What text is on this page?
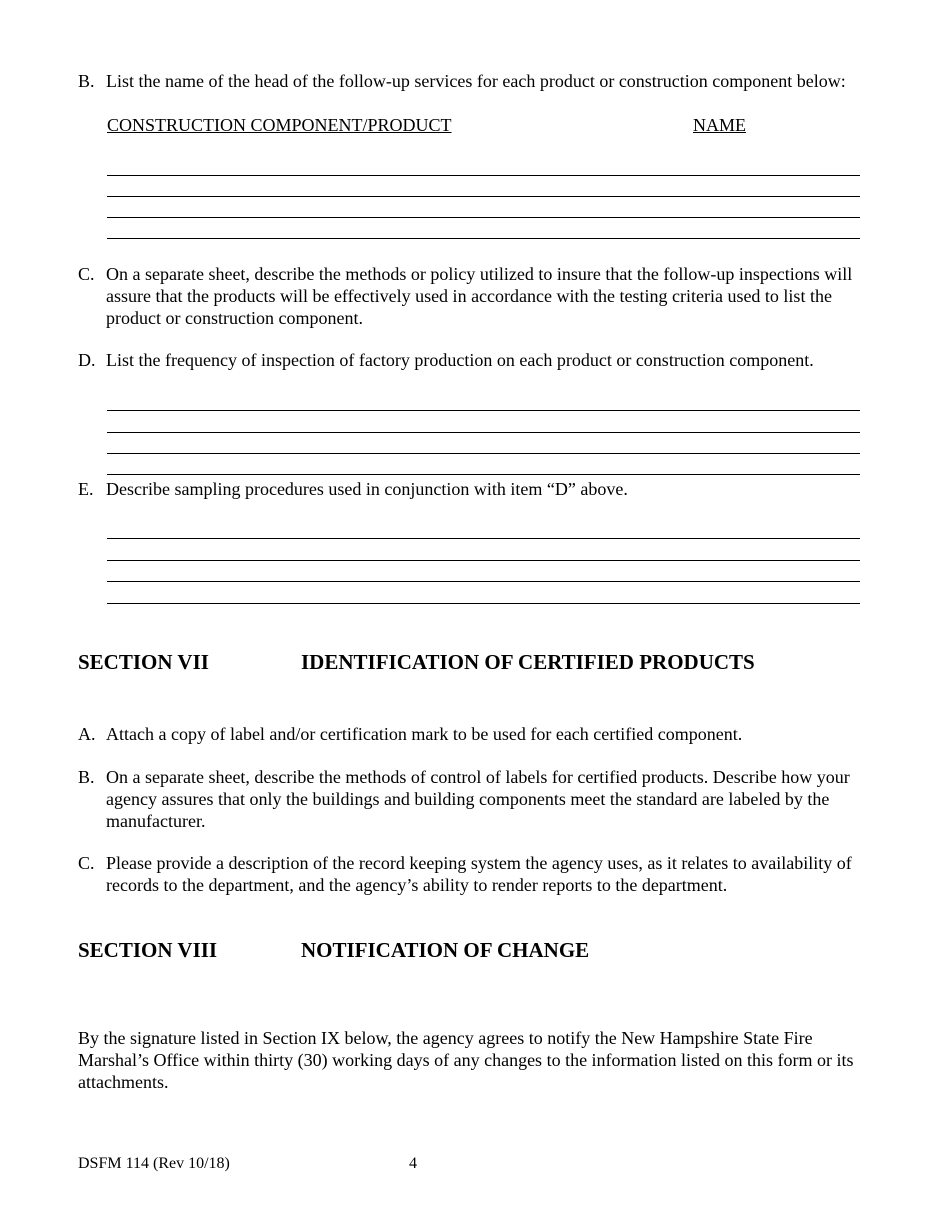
B. List the name of the head of the follow-up services for each product or construction component below:
CONSTRUCTION COMPONENT/PRODUCT	NAME
C. On a separate sheet, describe the methods or policy utilized to insure that the follow-up inspections will assure that the products will be effectively used in accordance with the testing criteria used to list the product or construction component.
D. List the frequency of inspection of factory production on each product or construction component.
E. Describe sampling procedures used in conjunction with item “D” above.
SECTION VII	IDENTIFICATION OF CERTIFIED PRODUCTS
A. Attach a copy of label and/or certification mark to be used for each certified component.
B. On a separate sheet, describe the methods of control of labels for certified products. Describe how your agency assures that only the buildings and building components meet the standard are labeled by the manufacturer.
C. Please provide a description of the record keeping system the agency uses, as it relates to availability of records to the department, and the agency’s ability to render reports to the department.
SECTION VIII	NOTIFICATION OF CHANGE
By the signature listed in Section IX below, the agency agrees to notify the New Hampshire State Fire Marshal’s Office within thirty (30) working days of any changes to the information listed on this form or its attachments.
DSFM 114 (Rev 10/18)	4
